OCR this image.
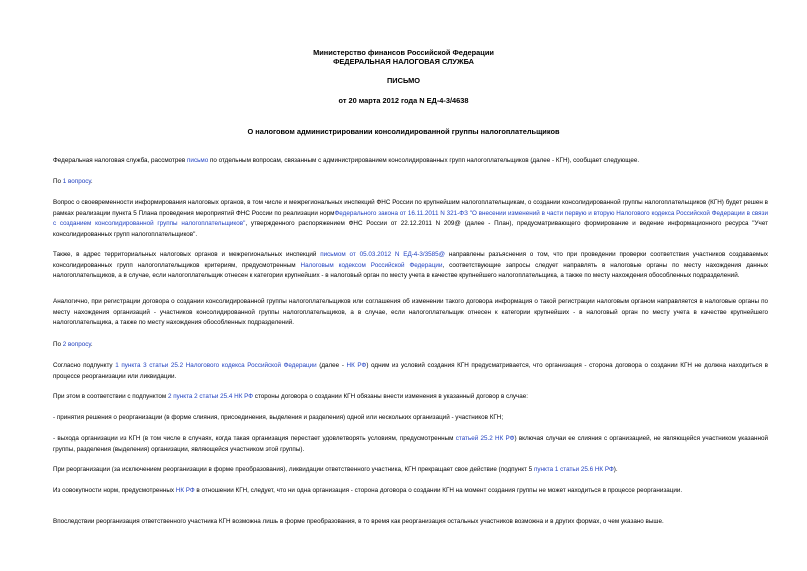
Министерство финансов Российской Федерации
ФЕДЕРАЛЬНАЯ НАЛОГОВАЯ СЛУЖБА
ПИСЬМО
от 20 марта 2012 года N ЕД-4-3/4638
О налоговом администрировании консолидированной группы налогоплательщиков
Федеральная налоговая служба, рассмотрев письмо по отдельным вопросам, связанным с администрированием консолидированных групп налогоплательщиков (далее - КГН), сообщает следующее.
По 1 вопросу.
Вопрос о своевременности информирования налоговых органов, в том числе и межрегиональных инспекций ФНС России по крупнейшим налогоплательщикам, о создании консолидированной группы налогоплательщиков (КГН) будет решен в рамках реализации пункта 5 Плана проведения мероприятий ФНС России по реализации нормФедерального закона от 16.11.2011 N 321-ФЗ "О внесении изменений в части первую и вторую Налогового кодекса Российской Федерации в связи с созданием консолидированной группы налогоплательщиков", утвержденного распоряжением ФНС России от 22.12.2011 N 209@ (далее - План), предусматривающего формирование и ведение информационного ресурса "Учет консолидированных групп налогоплательщиков".
Также, в адрес территориальных налоговых органов и межрегиональных инспекций письмом от 05.03.2012 N ЕД-4-3/3585@ направлены разъяснения о том, что при проведении проверки соответствия участников создаваемых консолидированных групп налогоплательщиков критериям, предусмотренным Налоговым кодексом Российской Федерации, соответствующие запросы следует направлять в налоговые органы по месту нахождения данных налогоплательщиков, а в случае, если налогоплательщик отнесен к категории крупнейших - в налоговый орган по месту учета в качестве крупнейшего налогоплательщика, а также по месту нахождения обособленных подразделений.
Аналогично, при регистрации договора о создании консолидированной группы налогоплательщиков или соглашения об изменении такого договора информация о такой регистрации налоговым органом направляется в налоговые органы по месту нахождения организаций - участников консолидированной группы налогоплательщиков, а в случае, если налогоплательщик отнесен к категории крупнейших - в налоговый орган по месту учета в качестве крупнейшего налогоплательщика, а также по месту нахождения обособленных подразделений.
По 2 вопросу.
Согласно подпункту 1 пункта 3 статьи 25.2 Налогового кодекса Российской Федерации (далее - НК РФ) одним из условий создания КГН предусматривается, что организация - сторона договора о создании КГН не должна находиться в процессе реорганизации или ликвидации.
При этом в соответствии с подпунктом 2 пункта 2 статьи 25.4 НК РФ стороны договора о создании КГН обязаны внести изменения в указанный договор в случае:
- принятия решения о реорганизации (в форме слияния, присоединения, выделения и разделения) одной или нескольких организаций - участников КГН;
- выхода организации из КГН (в том числе в случаях, когда такая организация перестает удовлетворять условиям, предусмотренным статьей 25.2 НК РФ) включая случаи ее слияния с организацией, не являющейся участником указанной группы, разделения (выделения) организации, являющейся участником этой группы).
При реорганизации (за исключением реорганизации в форме преобразования), ликвидации ответственного участника, КГН прекращает свое действие (подпункт 5 пункта 1 статьи 25.6 НК РФ).
Из совокупности норм, предусмотренных НК РФ в отношении КГН, следует, что ни одна организация - сторона договора о создании КГН на момент создания группы не может находиться в процессе реорганизации.
Впоследствии реорганизация ответственного участника КГН возможна лишь в форме преобразования, в то время как реорганизация остальных участников возможна и в других формах, о чем указано выше.
